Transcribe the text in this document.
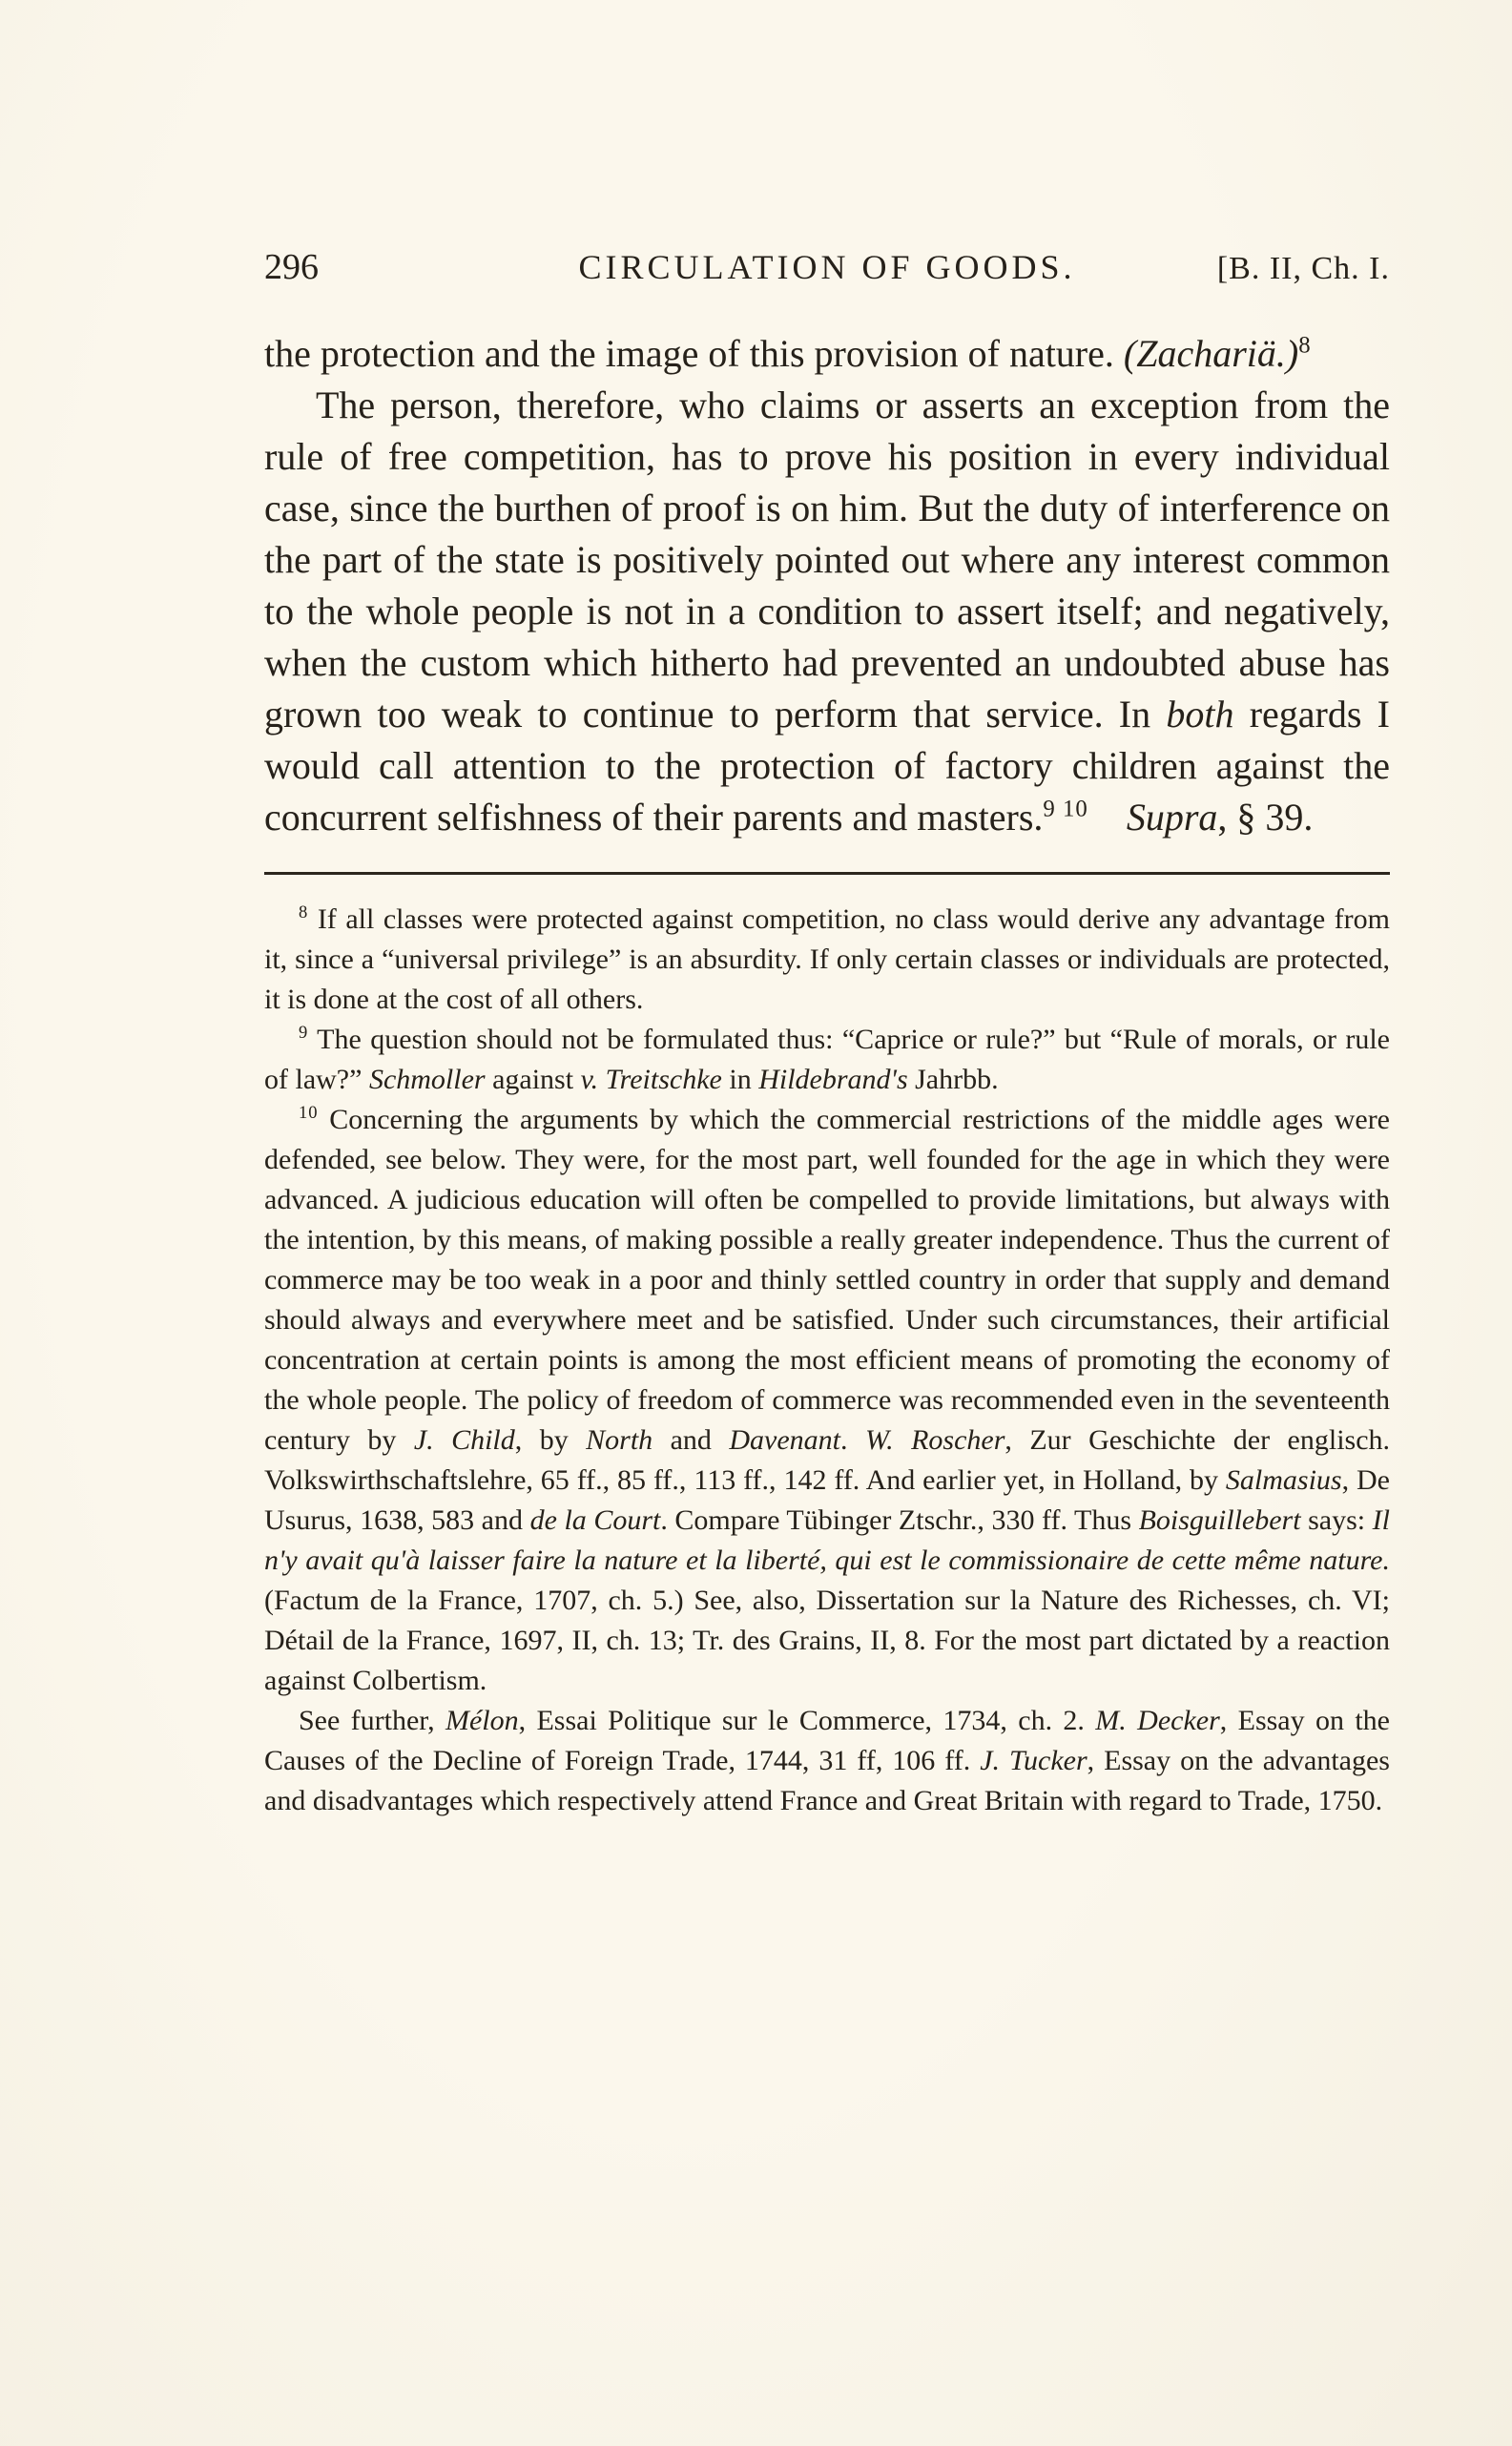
296	CIRCULATION OF GOODS.	[B. II, Ch. I.

the protection and the image of this provision of nature. (Zachariä.)$^8$

The person, therefore, who claims or asserts an exception from the rule of free competition, has to prove his position in every individual case, since the burthen of proof is on him. But the duty of interference on the part of the state is positively pointed out where any interest common to the whole people is not in a condition to assert itself; and negatively, when the custom which hitherto had prevented an undoubted abuse has grown too weak to continue to perform that service. In both regards I would call attention to the protection of factory children against the concurrent selfishness of their parents and masters.$^{9 10}$  Supra, § 39.

$^8$ If all classes were protected against competition, no class would derive any advantage from it, since a “universal privilege” is an absurdity. If only certain classes or individuals are protected, it is done at the cost of all others.

$^9$ The question should not be formulated thus: “Caprice or rule?” but “Rule of morals, or rule of law?” Schmoller against v. Treitschke in Hildebrand's Jahrbb.

$^{10}$ Concerning the arguments by which the commercial restrictions of the middle ages were defended, see below. They were, for the most part, well founded for the age in which they were advanced. A judicious education will often be compelled to provide limitations, but always with the intention, by this means, of making possible a really greater independence. Thus the current of commerce may be too weak in a poor and thinly settled country in order that supply and demand should always and everywhere meet and be satisfied. Under such circumstances, their artificial concentration at certain points is among the most efficient means of promoting the economy of the whole people. The policy of freedom of commerce was recommended even in the seventeenth century by J. Child, by North and Davenant. W. Roscher, Zur Geschichte der englisch. Volkswirthschaftslehre, 65 ff., 85 ff., 113 ff., 142 ff. And earlier yet, in Holland, by Salmasius, De Usurus, 1638, 583 and de la Court. Compare Tübinger Ztschr., 330 ff. Thus Boisguillebert says: Il n'y avait qu'à laisser faire la nature et la liberté, qui est le commissionaire de cette même nature. (Factum de la France, 1707, ch. 5.) See, also, Dissertation sur la Nature des Richesses, ch. VI; Détail de la France, 1697, II, ch. 13; Tr. des Grains, II, 8. For the most part dictated by a reaction against Colbertism.

See further, Mélon, Essai Politique sur le Commerce, 1734, ch. 2. M. Decker, Essay on the Causes of the Decline of Foreign Trade, 1744, 31 ff, 106 ff. J. Tucker, Essay on the advantages and disadvantages which respectively attend France and Great Britain with regard to Trade, 1750.
